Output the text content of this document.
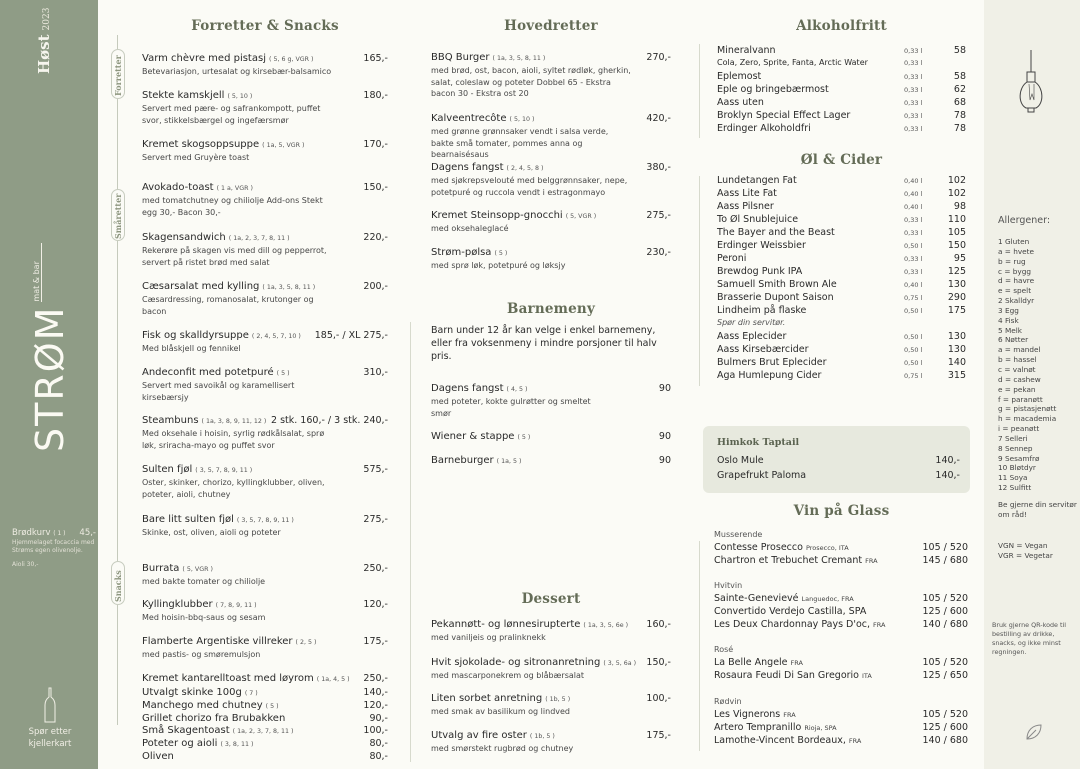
Høst2023
STRØM
mat & bar
Brødkurv ( 1 ) 45,-
Hjemmelaget focaccia med Strøms egen olivenolje.
Aioli 30,-
Spør etter kjellerkart
Forretter
Småretter
Snacks
Forretter & Snacks
Varm chèvre med pistasj ( 5, 6 g, VGR )	165,-
Betevariasjon, urtesalat og kirsebær-balsamico
Stekte kamskjell ( 5, 10 )	180,-
Servert med pære- og safrankompott, puffet svor, stikkelsbærgel og ingefærsmør
Kremet skogsoppsuppe ( 1a, 5, VGR )	170,-
Servert med Gruyère toast
Avokado-toast ( 1 a, VGR )	150,-
med tomatchutney og chiliolje Add-ons Stekt egg 30,- Bacon 30,-
Skagensandwich ( 1a, 2, 3, 7, 8, 11 )	220,-
Rekerøre på skagen vis med dill og pepperrot, servert på ristet brød med salat
Cæsarsalat med kylling ( 1a, 3, 5, 8, 11 )	200,-
Cæsardressing, romanosalat, krutonger og bacon
Fisk og skalldyrsuppe ( 2, 4, 5, 7, 10 ) 185,- / XL 275,-
Med blåskjell og fennikel
Andeconfit med potetpuré ( 5 )	310,-
Servert med savoikål og karamellisert kirsebærsjy
Steambuns ( 1a, 3, 8, 9, 11, 12 ) 2 stk. 160,- / 3 stk. 240,-
Med oksehale i hoisin, syrlig rødkålsalat, sprø løk, sriracha-mayo og puffet svor
Sulten fjøl ( 3, 5, 7, 8, 9, 11 )	575,-
Oster, skinker, chorizo, kyllingklubber, oliven, poteter, aioli, chutney
Bare litt sulten fjøl ( 3, 5, 7, 8, 9, 11 )	275,-
Skinke, ost, oliven, aioli og poteter
Burrata ( 5, VGR )	250,-
med bakte tomater og chiliolje
Kyllingklubber ( 7, 8, 9, 11 )	120,-
Med hoisin-bbq-saus og sesam
Flamberte Argentiske villreker ( 2, 5 )	175,-
med pastis- og smøremulsjon
Kremet kantarelltoast med løyrom ( 1a, 4, 5 ) 250,-
Utvalgt skinke 100g ( 7 )	140,-
Manchego med chutney ( 5 )	120,-
Grillet chorizo fra Brubakken	90,-
Små Skagentoast ( 1a, 2, 3, 7, 8, 11 )	100,-
Poteter og aioli ( 3, 8, 11 )	80,-
Oliven	80,-
Hovedretter
Barnemeny
Barn under 12 år kan velge i enkel barnemeny, eller fra voksenmeny i mindre porsjoner til halv pris.
Dessert
BBQ Burger ( 1a, 3, 5, 8, 11 )	270,-
med brød, ost, bacon, aioli, syltet rødløk, gherkin, salat, coleslaw og poteter Dobbel 65 - Ekstra bacon 30 - Ekstra ost 20
Kalveentrecôte ( 5, 10 )	420,-
med grønne grønnsaker vendt i salsa verde, bakte små tomater, pommes anna og bearnaisésaus
Dagens fangst ( 2, 4, 5, 8 )	380,-
med sjøkrepsvelouté med belggrønnsaker, nepe, potetpuré og ruccola vendt i estragonmayo
Kremet Steinsopp-gnocchi ( 5, VGR )	275,-
med oksehaleglacé
Strøm-pølsa ( 5 )	230,-
med sprø løk, potetpuré og løksjy
Dagens fangst ( 4, 5 )	90
med poteter, kokte gulrøtter og smeltet smør
Wiener & stappe ( 5 )	90
Barneburger ( 1a, 5 )	90
Pekannøtt- og lønnesirupterte ( 1a, 3, 5, 6e ) 160,-
med vaniljeis og pralinknekk
Hvit sjokolade- og sitronanretning ( 3, 5, 6a ) 150,-
med mascarponekrem og blåbærsalat
Liten sorbet anretning ( 1b, 5 )	100,-
med smak av basilikum og lindved
Utvalg av fire oster ( 1b, 5 )	175,-
med smørstekt rugbrød og chutney
Alkoholfritt
Øl & Cider
Mineralvann	0,33 l	58
Cola, Zero, Sprite, Fanta, Arctic Water	0,33 l
Eplemost	0,33 l	58
Eple og bringebærmost	0,33 l	62
Aass uten	0,33 l	68
Broklyn Special Effect Lager	0,33 l	78
Erdinger Alkoholdfri	0,33 l	78
Lundetangen Fat	0,40 l	102
Aass Lite Fat	0,40 l	102
Aass Pilsner	0,40 l	98
To Øl Snublejuice	0,33 l	110
The Bayer and the Beast	0,33 l	105
Erdinger Weissbier	0,50 l	150
Peroni	0,33 l	95
Brewdog Punk IPA	0,33 l	125
Samuell Smith Brown Ale	0,40 l	130
Brasserie Dupont Saison	0,75 l	290
Lindheim på flaske	0,50 l	175
Aass Eplecider	0,50 l	130
Aass Kirsebærcider	0,50 l	130
Bulmers Brut Eplecider	0,50 l	140
Aga Humlepung Cider	0,75 l	315
Spør din servitør.
Himkok Taptail
Oslo Mule	140,-
Grapefrukt Paloma	140,-
Vin på Glass
Musserende
Contesse Prosecco Prosecco, ITA	105 / 520
Chartron et Trebuchet Cremant FRA	145 / 680
Hvitvin
Sainte-Genevievé Languedoc, FRA	105 / 520
Convertido Verdejo Castilla, SPA	125 / 600
Les Deux Chardonnay Pays D'oc, FRA	140 / 680
Rosé
La Belle Angele FRA	105 / 520
Rosaura Feudi Di San Gregorio ITA	125 / 650
Rødvin
Les Vignerons FRA	105 / 520
Artero Tempranillo Rioja, SPA	125 / 600
Lamothe-Vincent Bordeaux, FRA	140 / 680
Allergener:
1 Gluten
a = hvete
b = rug
c = bygg
d = havre
e = spelt
2 Skalldyr
3 Egg
4 Fisk
5 Melk
6 Nøtter
a = mandel
b = hassel
c = valnøt
d = cashew
e = pekan
f = paranøtt
g = pistasjenøtt
h = macademia
i = peanøtt
7 Selleri
8 Sennep
9 Sesamfrø
10 Bløtdyr
11 Soya
12 Sulfitt
Be gjerne din servitør om råd!
VGN = Vegan
VGR = Vegetar
Bruk gjerne QR-kode til bestilling av drikke, snacks, og ikke minst regningen.
